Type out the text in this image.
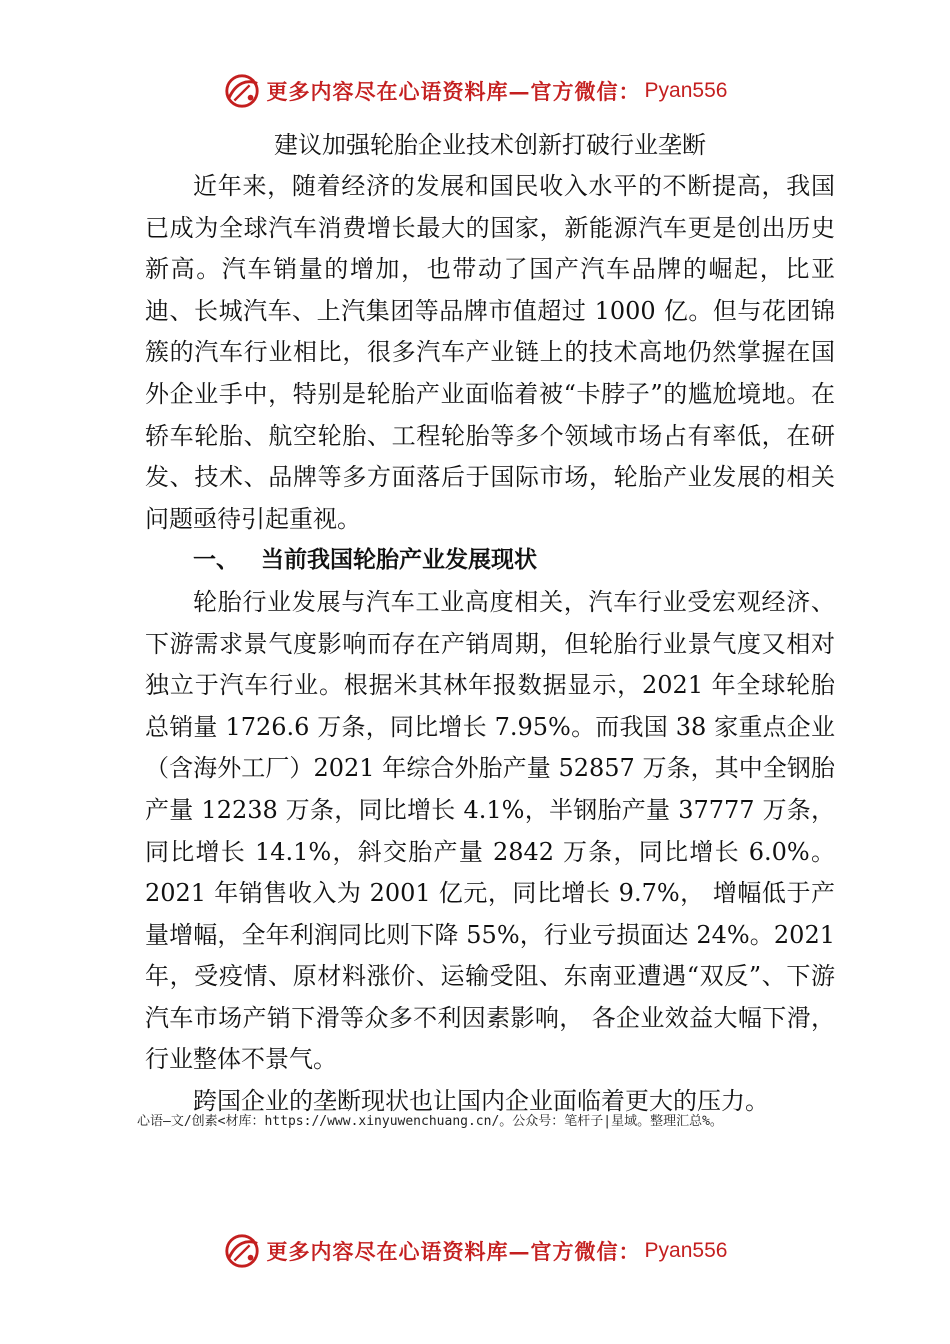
更多内容尽在心语资料库—官方微信： Pyan556
建议加强轮胎企业技术创新打破行业垄断

近年来，随着经济的发展和国民收入水平的不断提高，我国已成为全球汽车消费增长最大的国家，新能源汽车更是创出历史新高。汽车销量的增加，也带动了国产汽车品牌的崛起，比亚迪、长城汽车、上汽集团等品牌市值超过 1000 亿。但与花团锦簇的汽车行业相比，很多汽车产业链上的技术高地仍然掌握在国外企业手中，特别是轮胎产业面临着被“卡脖子”的尴尬境地。在轿车轮胎、航空轮胎、工程轮胎等多个领域市场占有率低，在研发、技术、品牌等多方面落后于国际市场，轮胎产业发展的相关问题亟待引起重视。

一、 当前我国轮胎产业发展现状

轮胎行业发展与汽车工业高度相关，汽车行业受宏观经济、下游需求景气度影响而存在产销周期，但轮胎行业景气度又相对独立于汽车行业。根据米其林年报数据显示，2021 年全球轮胎总销量 1726.6 万条，同比增长 7.95%。而我国 38 家重点企业（含海外工厂）2021 年综合外胎产量 52857 万条，其中全钢胎产量 12238 万条，同比增长 4.1%，半钢胎产量 37777 万条，同比增长 14.1%，斜交胎产量 2842 万条，同比增长 6.0%。2021 年销售收入为 2001 亿元，同比增长 9.7%， 增幅低于产量增幅，全年利润同比则下降 55%，行业亏损面达 24%。2021 年，受疫情、原材料涨价、运输受阻、东南亚遭遇“双反”、下游汽车市场产销下滑等众多不利因素影响， 各企业效益大幅下滑，行业整体不景气。

跨国企业的垄断现状也让国内企业面临着更大的压力。

心语—文/创素<材库：https://www.xinyuwenchuang.cn/。公众号：笔杆子|星域。整理汇总%。
更多内容尽在心语资料库—官方微信： Pyan556
